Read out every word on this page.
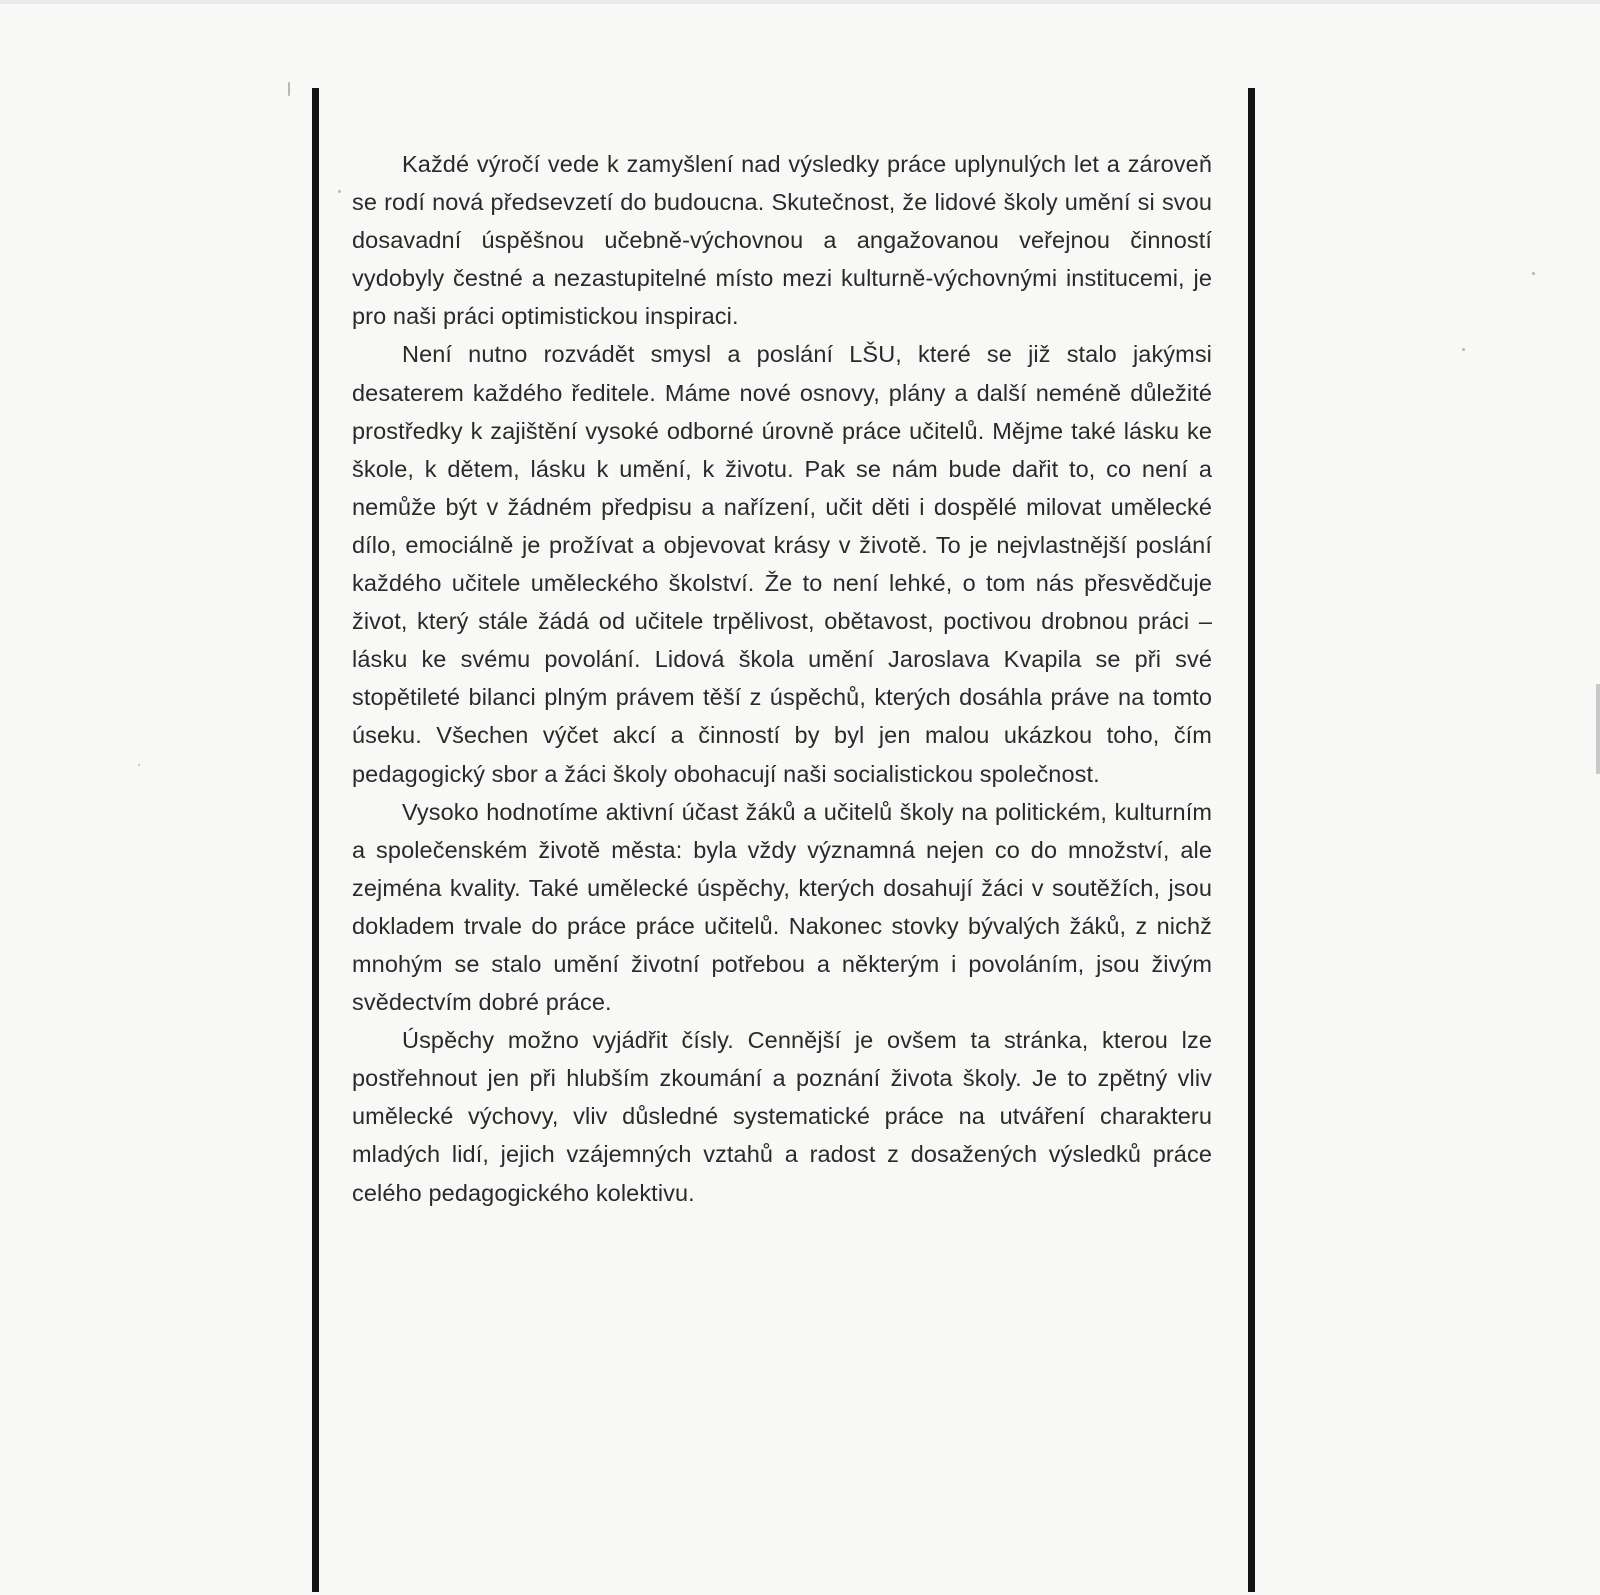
Každé výročí vede k zamyšlení nad výsledky práce uplynulých let a zároveň se rodí nová předsevzetí do budoucna. Skutečnost, že lidové školy umění si svou dosavadní úspěšnou učebně-výchovnou a angažovanou veřejnou činností vydobyly čestné a nezastupitelné místo mezi kulturně-výchovnými institucemi, je pro naši práci optimistickou inspiraci.

Není nutno rozvádět smysl a poslání LŠU, které se již stalo jakýmsi desaterem každého ředitele. Máme nové osnovy, plány a další neméně důležité prostředky k zajištění vysoké odborné úrovně práce učitelů. Mějme také lásku ke škole, k dětem, lásku k umění, k životu. Pak se nám bude dařit to, co není a nemůže být v žádném předpisu a nařízení, učit děti i dospělé milovat umělecké dílo, emociálně je prožívat a objevovat krásy v životě. To je nejvlastnější poslání každého učitele uměleckého školství. Že to není lehké, o tom nás přesvědčuje život, který stále žádá od učitele trpělivost, obětavost, poctivou drobnou práci – lásku ke svému povolání. Lidová škola umění Jaroslava Kvapila se při své stopětileté bilanci plným právem těší z úspěchů, kterých dosáhla práve na tomto úseku. Všechen výčet akcí a činností by byl jen malou ukázkou toho, čím pedagogický sbor a žáci školy obohacují naši socialistickou společnost.

Vysoko hodnotíme aktivní účast žáků a učitelů školy na politickém, kulturním a společenském životě města: byla vždy významná nejen co do množství, ale zejména kvality. Také umělecké úspěchy, kterých dosahují žáci v soutěžích, jsou dokladem trvale do práce práce učitelů. Nakonec stovky bývalých žáků, z nichž mnohým se stalo umění životní potřebou a některým i povoláním, jsou živým svědectvím dobré práce.

Úspěchy možno vyjádřit čísly. Cennější je ovšem ta stránka, kterou lze postřehnout jen při hlubším zkoumání a poznání života školy. Je to zpětný vliv umělecké výchovy, vliv důsledné systematické práce na utváření charakteru mladých lidí, jejich vzájemných vztahů a radost z dosažených výsledků práce celého pedagogického kolektivu.
